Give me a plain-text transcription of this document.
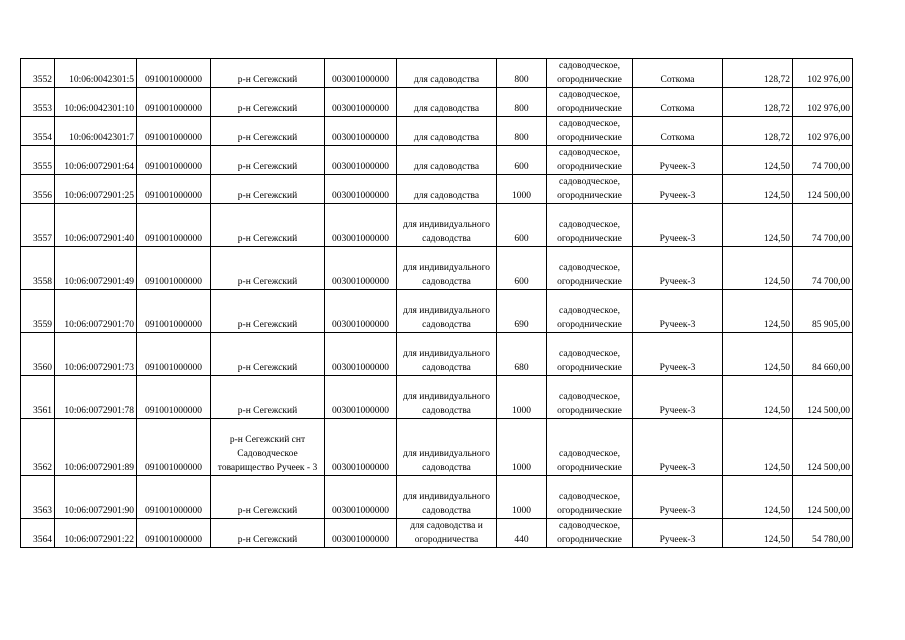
3552	10:06:0042301:5	091001000000	р-н Сегежский	003001000000	для садоводства	800	садоводческое, огороднические	Соткома	128,72	102 976,00
3553	10:06:0042301:10	091001000000	р-н Сегежский	003001000000	для садоводства	800	садоводческое, огороднические	Соткома	128,72	102 976,00
3554	10:06:0042301:7	091001000000	р-н Сегежский	003001000000	для садоводства	800	садоводческое, огороднические	Соткома	128,72	102 976,00
3555	10:06:0072901:64	091001000000	р-н Сегежский	003001000000	для садоводства	600	садоводческое, огороднические	Ручеек-3	124,50	74 700,00
3556	10:06:0072901:25	091001000000	р-н Сегежский	003001000000	для садоводства	1000	садоводческое, огороднические	Ручеек-3	124,50	124 500,00
3557	10:06:0072901:40	091001000000	р-н Сегежский	003001000000	для индивидуального садоводства	600	садоводческое, огороднические	Ручеек-3	124,50	74 700,00
3558	10:06:0072901:49	091001000000	р-н Сегежский	003001000000	для индивидуального садоводства	600	садоводческое, огороднические	Ручеек-3	124,50	74 700,00
3559	10:06:0072901:70	091001000000	р-н Сегежский	003001000000	для индивидуального садоводства	690	садоводческое, огороднические	Ручеек-3	124,50	85 905,00
3560	10:06:0072901:73	091001000000	р-н Сегежский	003001000000	для индивидуального садоводства	680	садоводческое, огороднические	Ручеек-3	124,50	84 660,00
3561	10:06:0072901:78	091001000000	р-н Сегежский	003001000000	для индивидуального садоводства	1000	садоводческое, огороднические	Ручеек-3	124,50	124 500,00
3562	10:06:0072901:89	091001000000	р-н Сегежский снт Садоводческое товарищество Ручеек - 3	003001000000	для индивидуального садоводства	1000	садоводческое, огороднические	Ручеек-3	124,50	124 500,00
3563	10:06:0072901:90	091001000000	р-н Сегежский	003001000000	для индивидуального садоводства	1000	садоводческое, огороднические	Ручеек-3	124,50	124 500,00
3564	10:06:0072901:22	091001000000	р-н Сегежский	003001000000	для садоводства и огородничества	440	садоводческое, огороднические	Ручеек-3	124,50	54 780,00
